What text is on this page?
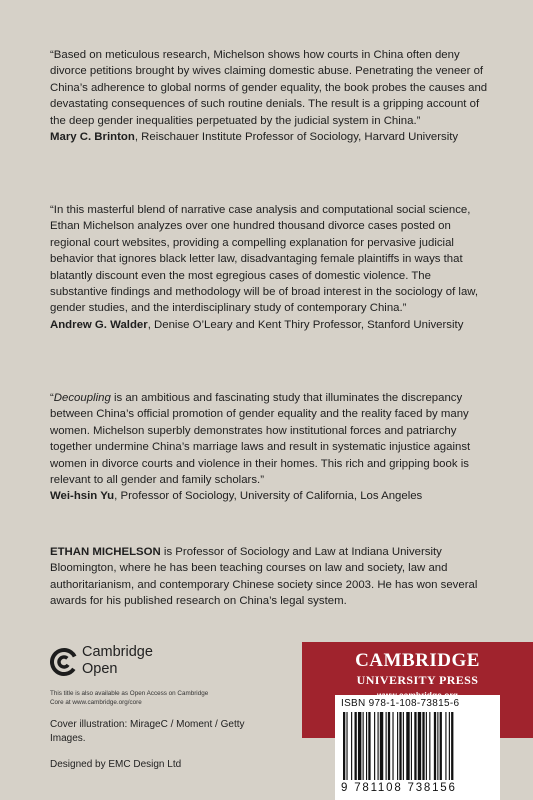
“Based on meticulous research, Michelson shows how courts in China often deny divorce petitions brought by wives claiming domestic abuse. Penetrating the veneer of China’s adherence to global norms of gender equality, the book probes the causes and devastating consequences of such routine denials. The result is a gripping account of the deep gender inequalities perpetuated by the judicial system in China.”

Mary C. Brinton, Reischauer Institute Professor of Sociology, Harvard University

“In this masterful blend of narrative case analysis and computational social science, Ethan Michelson analyzes over one hundred thousand divorce cases posted on regional court websites, providing a compelling explanation for pervasive judicial behavior that ignores black letter law, disadvantaging female plaintiffs in ways that blatantly discount even the most egregious cases of domestic violence. The substantive findings and methodology will be of broad interest in the sociology of law, gender studies, and the interdisciplinary study of contemporary China.”

Andrew G. Walder, Denise O’Leary and Kent Thiry Professor, Stanford University

“Decoupling is an ambitious and fascinating study that illuminates the discrepancy between China’s official promotion of gender equality and the reality faced by many women. Michelson superbly demonstrates how institutional forces and patriarchy together undermine China’s marriage laws and result in systematic injustice against women in divorce courts and violence in their homes. This rich and gripping book is relevant to all gender and family scholars.”

Wei-hsin Yu, Professor of Sociology, University of California, Los Angeles

ETHAN MICHELSON is Professor of Sociology and Law at Indiana University Bloomington, where he has been teaching courses on law and society, law and authoritarianism, and contemporary Chinese society since 2003. He has won several awards for his published research on China’s legal system.
Cambridge
Open
This title is also available as Open Access on Cambridge Core at www.cambridge.org/core
Cover illustration: MirageC / Moment / Getty Images.
Designed by EMC Design Ltd
CAMBRIDGE
UNIVERSITY PRESS
ISBN 978-1-108-73815-6
9 781108 738156
